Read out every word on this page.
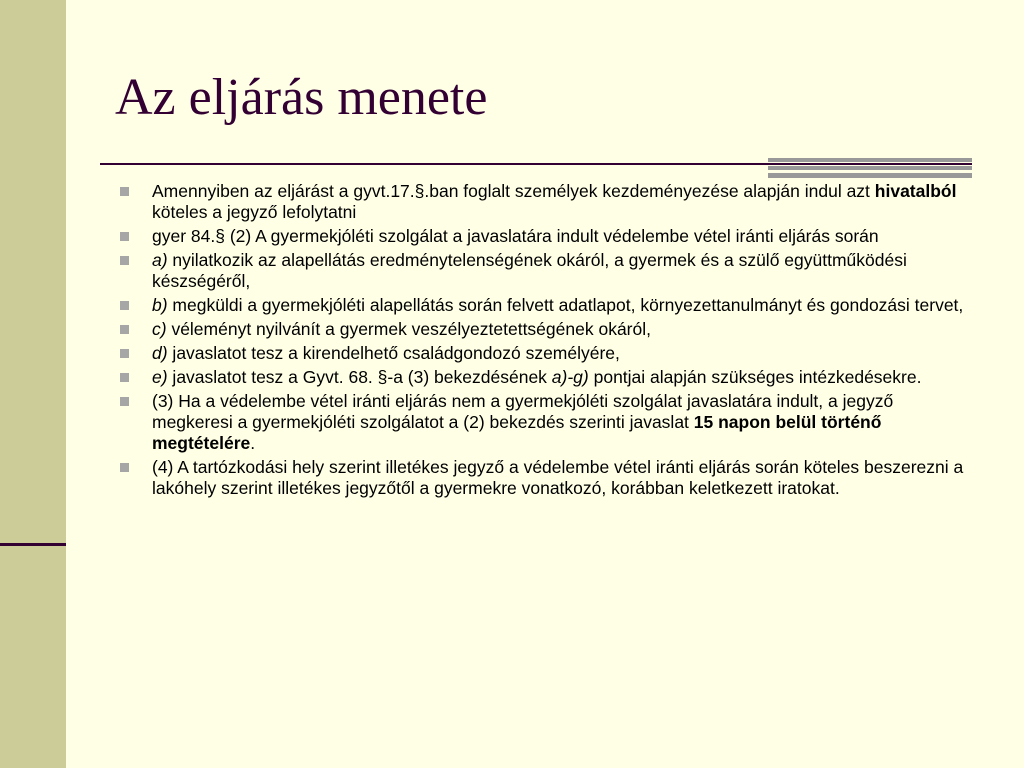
Az eljárás menete
Amennyiben az eljárást a gyvt.17.§.ban foglalt személyek kezdeményezése alapján indul azt hivatalból köteles a jegyző lefolytatni
gyer 84.§ (2) A gyermekjóléti szolgálat a javaslatára indult védelembe vétel iránti eljárás során
a) nyilatkozik az alapellátás eredménytelenségének okáról, a gyermek és a szülő együttműködési készségéről,
b) megküldi a gyermekjóléti alapellátás során felvett adatlapot, környezettanulmányt és gondozási tervet,
c) véleményt nyilvánít a gyermek veszélyeztetettségének okáról,
d) javaslatot tesz a kirendelhető családgondozó személyére,
e) javaslatot tesz a Gyvt. 68. §-a (3) bekezdésének a)-g) pontjai alapján szükséges intézkedésekre.
(3) Ha a védelembe vétel iránti eljárás nem a gyermekjóléti szolgálat javaslatára indult, a jegyző megkeresi a gyermekjóléti szolgálatot a (2) bekezdés szerinti javaslat 15 napon belül történő megtételére.
(4) A tartózkodási hely szerint illetékes jegyző a védelembe vétel iránti eljárás során köteles beszerezni a lakóhely szerint illetékes jegyzőtől a gyermekre vonatkozó, korábban keletkezett iratokat.
